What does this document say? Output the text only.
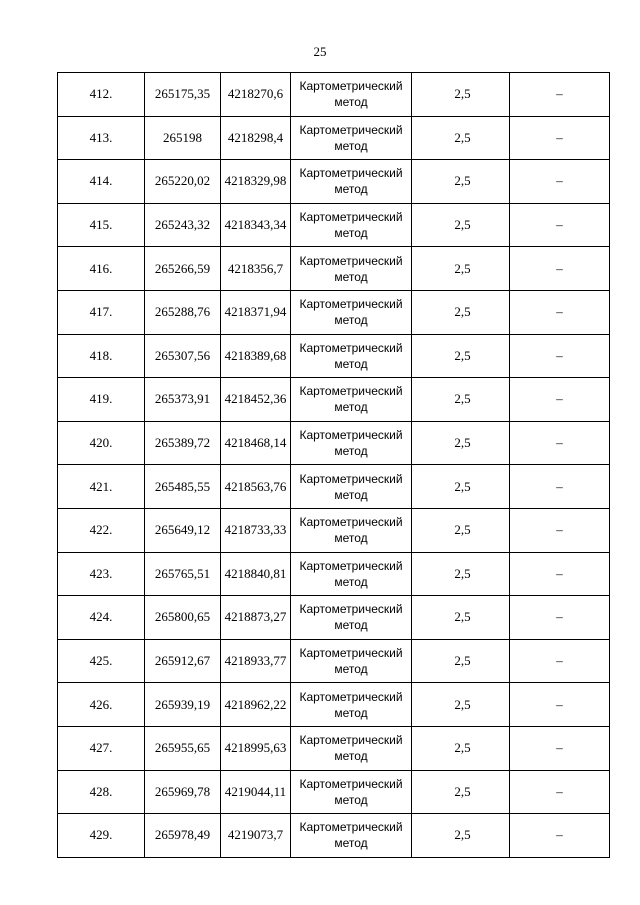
25
412.	265175,35	4218270,6	Картометрический метод	2,5	–
413.	265198	4218298,4	Картометрический метод	2,5	–
414.	265220,02	4218329,98	Картометрический метод	2,5	–
415.	265243,32	4218343,34	Картометрический метод	2,5	–
416.	265266,59	4218356,7	Картометрический метод	2,5	–
417.	265288,76	4218371,94	Картометрический метод	2,5	–
418.	265307,56	4218389,68	Картометрический метод	2,5	–
419.	265373,91	4218452,36	Картометрический метод	2,5	–
420.	265389,72	4218468,14	Картометрический метод	2,5	–
421.	265485,55	4218563,76	Картометрический метод	2,5	–
422.	265649,12	4218733,33	Картометрический метод	2,5	–
423.	265765,51	4218840,81	Картометрический метод	2,5	–
424.	265800,65	4218873,27	Картометрический метод	2,5	–
425.	265912,67	4218933,77	Картометрический метод	2,5	–
426.	265939,19	4218962,22	Картометрический метод	2,5	–
427.	265955,65	4218995,63	Картометрический метод	2,5	–
428.	265969,78	4219044,11	Картометрический метод	2,5	–
429.	265978,49	4219073,7	Картометрический метод	2,5	–
